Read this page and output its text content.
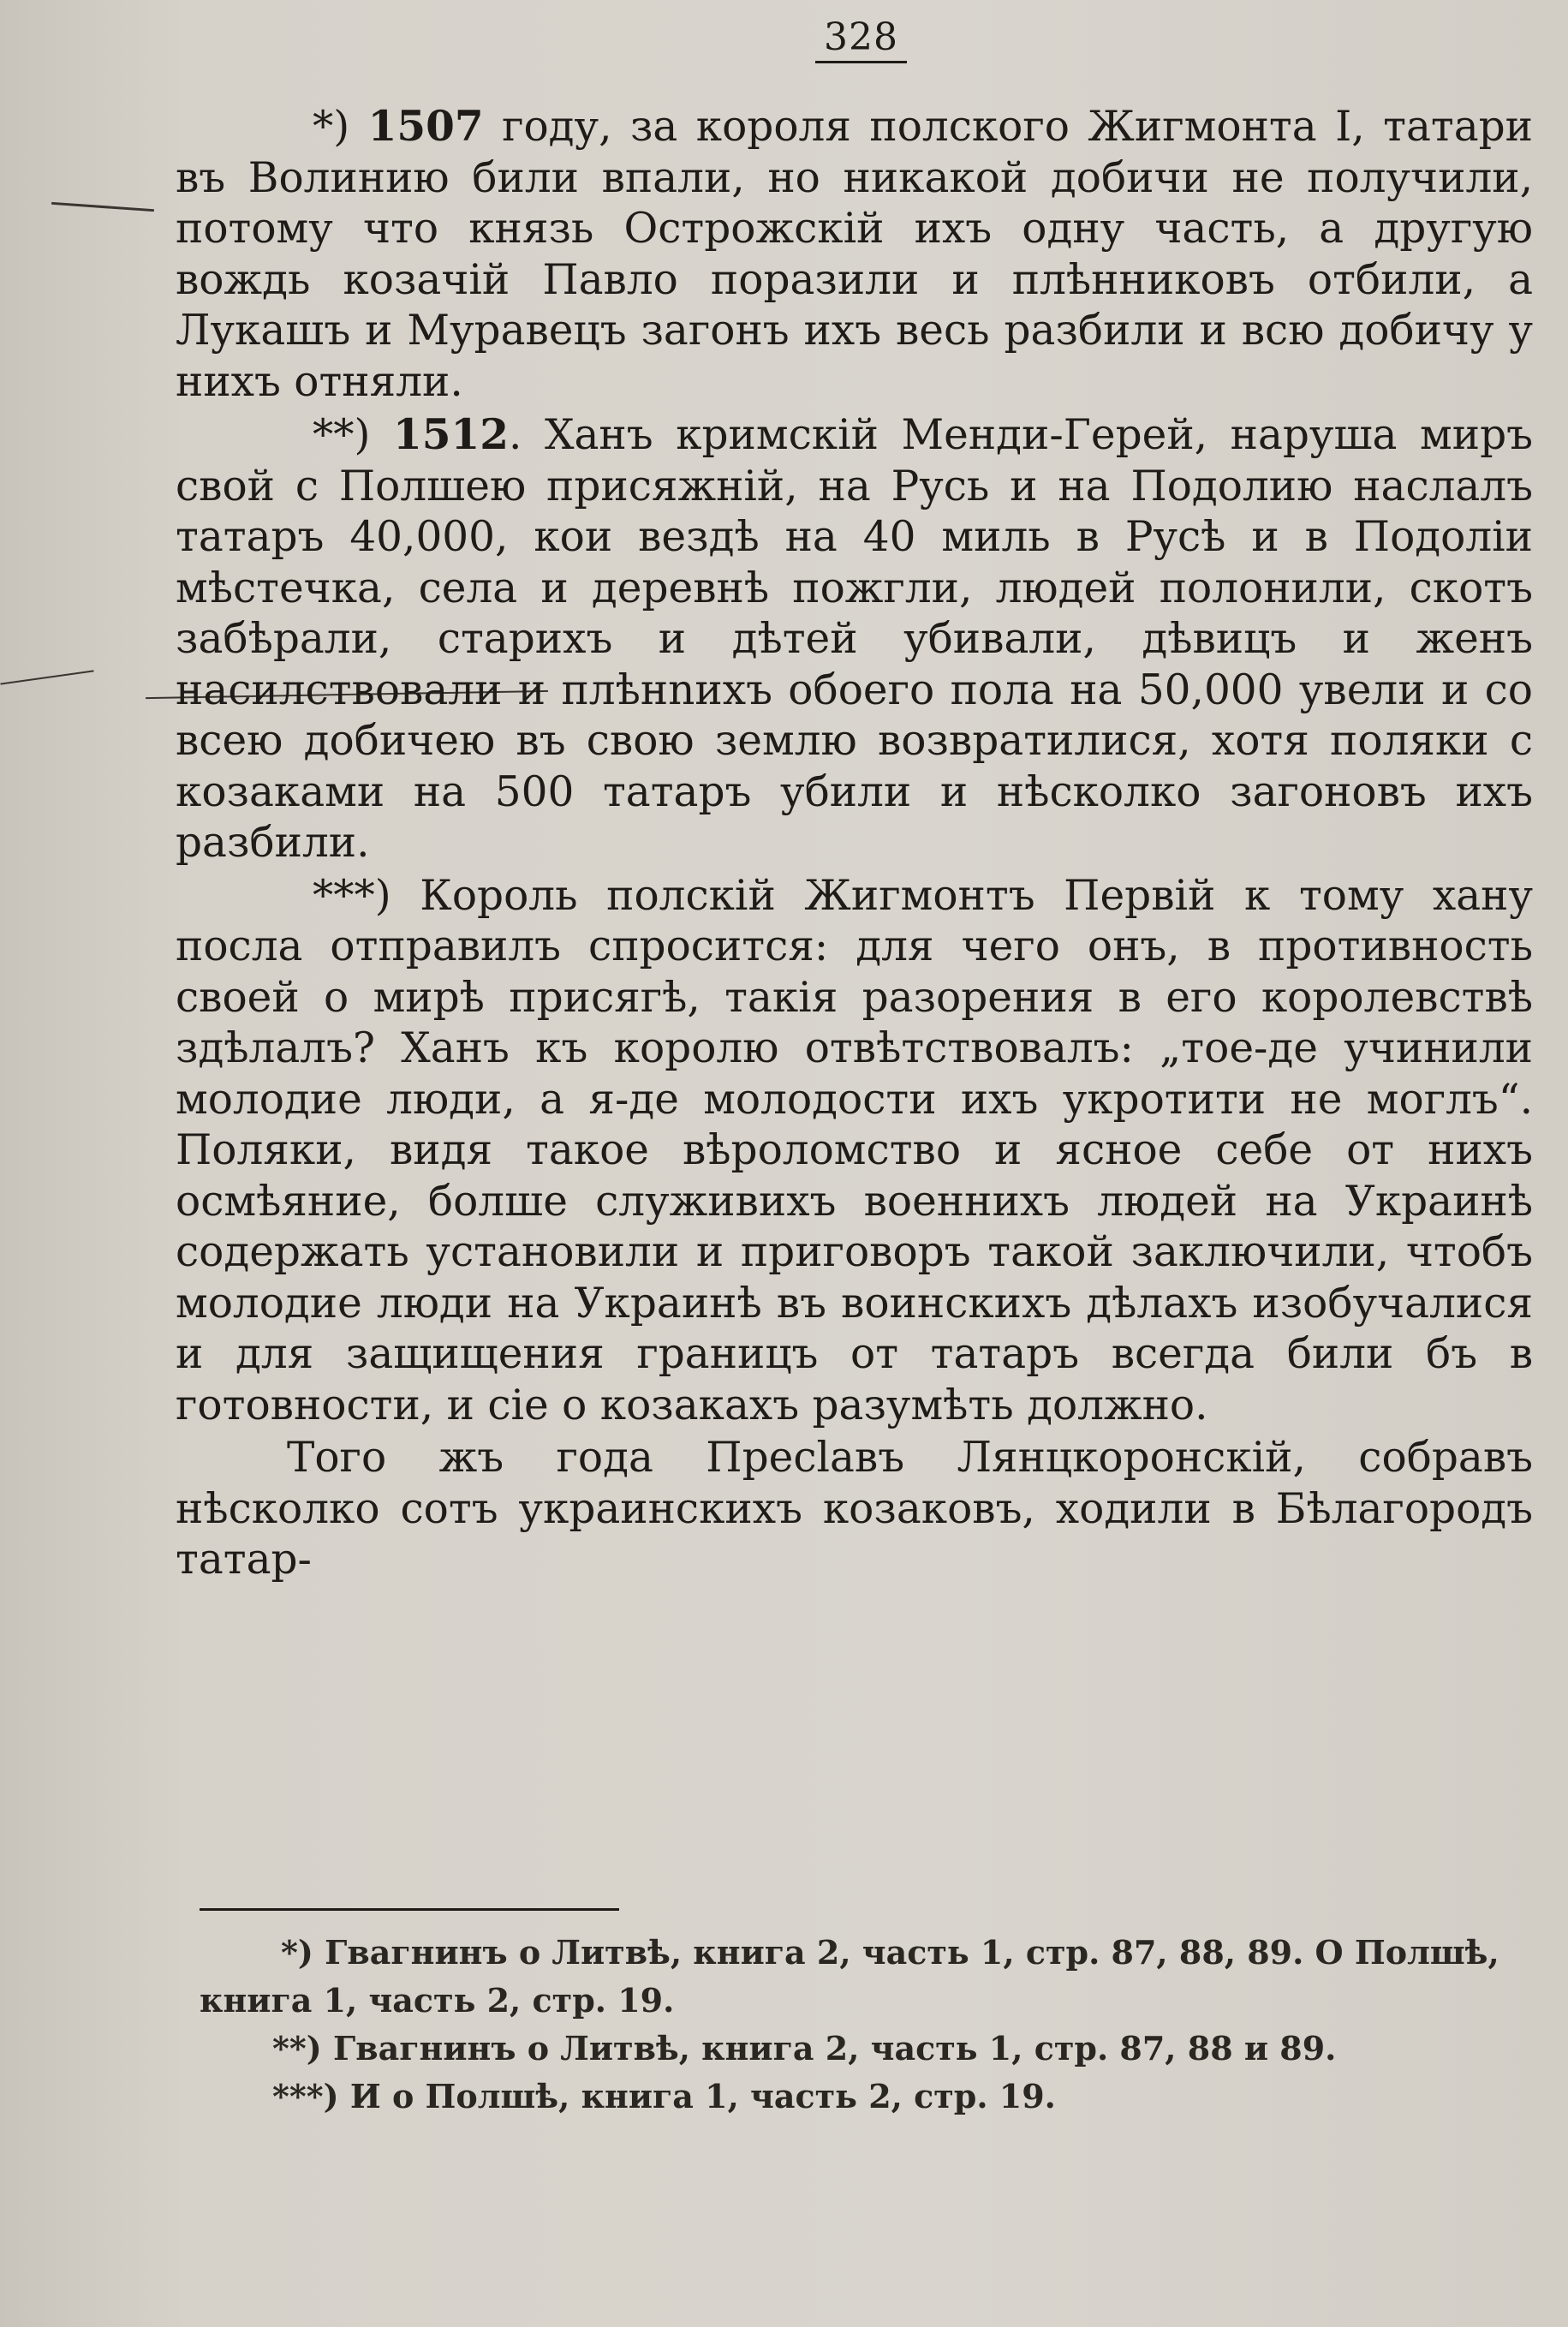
328

*) 1507 году, за короля полского Жигмонта I, татари въ Волинию били впали, но никакой добичи не получили, потому что князь Острожскій ихъ одну часть, а другую вождь козачій Павло поразили и плѣнниковъ отбили, а Лукашъ и Муравецъ загонъ ихъ весь разбили и всю добичу у нихъ отняли.

**) 1512. Ханъ кримскій Менди-Герей, наруша миръ свой с Полшею присяжній, на Русь и на Подолию наслалъ татаръ 40,000, кои вездѣ на 40 миль в Русѣ и в Подоліи мѣстечка, села и деревнѣ пожгли, людей полонили, скотъ забѣрали, старихъ и дѣтей убивали, дѣвицъ и женъ насилствовали и плѣнnихъ обоего пола на 50,000 увели и со всею добичею въ свою землю возвратилися, хотя поляки с козаками на 500 татаръ убили и нѣсколко загоновъ ихъ разбили.

***) Король полскій Жигмонтъ Первій к тому хану посла отправилъ спросится: для чего онъ, в противность своей о мирѣ присягѣ, такія разорения в его королевствѣ здѣлалъ? Ханъ къ королю отвѣтствовалъ: „тое-де учинили молодие люди, а я-де молодости ихъ укротити не моглъ“. Поляки, видя такое вѣроломство и ясное себе от нихъ осмѣяние, болше служивихъ военнихъ людей на Украинѣ содержать установили и приговоръ такой заключили, чтобъ молодие люди на Украинѣ въ воинскихъ дѣлахъ изобучалися и для защищения границъ от татаръ всегда били бъ в готовности, и сіе о козакахъ разумѣть должно.

Того жъ года Преclавъ Лянцкоронскій, собравъ нѣсколко сотъ украинскихъ козаковъ, ходили в Бѣлагородъ татар-

*) Гвагнинъ о Литвѣ, книга 2, часть 1, стр. 87, 88, 89. О Полшѣ, книга 1, часть 2, стр. 19.

**) Гвагнинъ о Литвѣ, книга 2, часть 1, стр. 87, 88 и 89.

***) И о Полшѣ, книга 1, часть 2, стр. 19.
